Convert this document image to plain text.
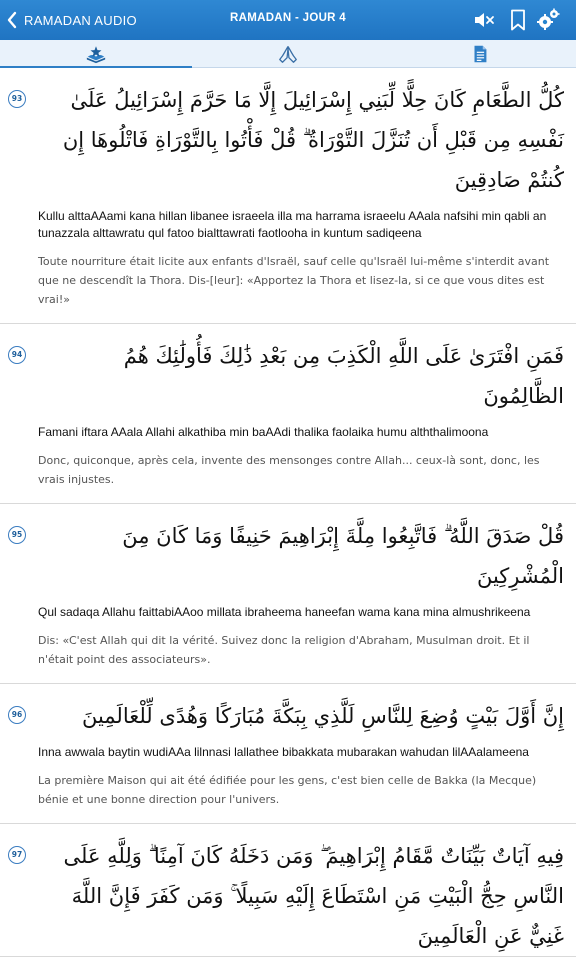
RAMADAN AUDIO	RAMADAN - JOUR 4
93	كُلُّ الطَّعَامِ كَانَ حِلًّا لِّبَنِي إِسْرَائِيلَ إِلَّا مَا حَرَّمَ إِسْرَائِيلُ عَلَىٰ نَفْسِهِ مِن قَبْلِ أَن تُنَزَّلَ التَّوْرَاةُ ۗ قُلْ فَأْتُوا بِالتَّوْرَاةِ فَاتْلُوهَا إِن كُنتُمْ صَادِقِينَ
Kullu alttaAAami kana hillan libanee israeela illa ma harrama israeelu AAala nafsihi min qabli an tunazzala alttawratu qul fatoo bialttawrati faotlooha in kuntum sadiqeena
Toute nourriture était licite aux enfants d'Israël, sauf celle qu'Israël lui-même s'interdit avant que ne descendît la Thora. Dis-[leur]: «Apportez la Thora et lisez-la, si ce que vous dites est vrai!»
94	فَمَنِ افْتَرَىٰ عَلَى اللَّهِ الْكَذِبَ مِن بَعْدِ ذَٰلِكَ فَأُولَٰئِكَ هُمُ الظَّالِمُونَ
Famani iftara AAala Allahi alkathiba min baAAdi thalika faolaika humu alththalimoona
Donc, quiconque, après cela, invente des mensonges contre Allah... ceux-là sont, donc, les vrais injustes.
95	قُلْ صَدَقَ اللَّهُ ۗ فَاتَّبِعُوا مِلَّةَ إِبْرَاهِيمَ حَنِيفًا وَمَا كَانَ مِنَ الْمُشْرِكِينَ
Qul sadaqa Allahu faittabiAAoo millata ibraheema haneefan wama kana mina almushrikeena
Dis: «C'est Allah qui dit la vérité. Suivez donc la religion d'Abraham, Musulman droit. Et il n'était point des associateurs».
96	إِنَّ أَوَّلَ بَيْتٍ وُضِعَ لِلنَّاسِ لَلَّذِي بِبَكَّةَ مُبَارَكًا وَهُدًى لِّلْعَالَمِينَ
Inna awwala baytin wudiAAa lilnnasi lallathee bibakkata mubarakan wahudan lilAAalameena
La première Maison qui ait été édifiée pour les gens, c'est bien celle de Bakka (la Mecque) bénie et une bonne direction pour l'univers.
97	فِيهِ آيَاتٌ بَيِّنَاتٌ مَّقَامُ إِبْرَاهِيمَ ۖ وَمَن دَخَلَهُ كَانَ آمِنًا ۗ وَلِلَّهِ عَلَى النَّاسِ حِجُّ الْبَيْتِ مَنِ اسْتَطَاعَ إِلَيْهِ سَبِيلًا ۚ وَمَن كَفَرَ فَإِنَّ اللَّهَ غَنِيٌّ عَنِ الْعَالَمِينَ
